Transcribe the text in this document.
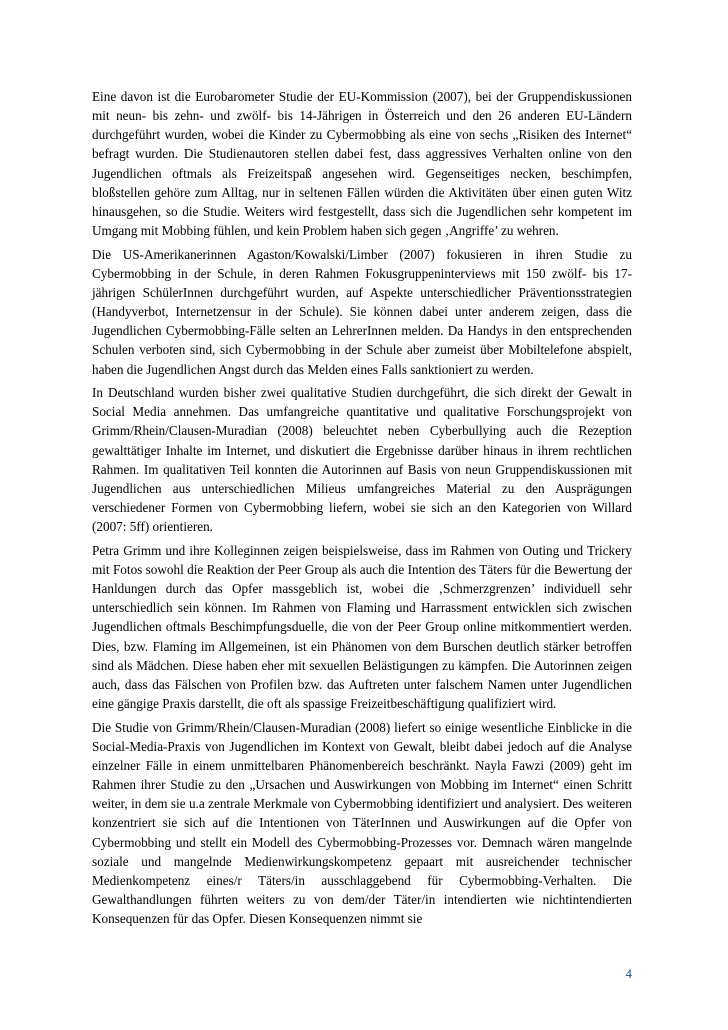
Eine davon ist die Eurobarometer Studie der EU-Kommission (2007), bei der Gruppendiskussionen mit neun- bis zehn- und zwölf- bis 14-Jährigen in Österreich und den 26 anderen EU-Ländern durchgeführt wurden, wobei die Kinder zu Cybermobbing als eine von sechs „Risiken des Internet“ befragt wurden. Die Studienautoren stellen dabei fest, dass aggressives Verhalten online von den Jugendlichen oftmals als Freizeitspaß angesehen wird. Gegenseitiges necken, beschimpfen, bloßstellen gehöre zum Alltag, nur in seltenen Fällen würden die Aktivitäten über einen guten Witz hinausgehen, so die Studie. Weiters wird festgestellt, dass sich die Jugendlichen sehr kompetent im Umgang mit Mobbing fühlen, und kein Problem haben sich gegen ‚Angriffe’ zu wehren.

Die US-Amerikanerinnen Agaston/Kowalski/Limber (2007) fokusieren in ihren Studie zu Cybermobbing in der Schule, in deren Rahmen Fokusgruppeninterviews mit 150 zwölf- bis 17-jährigen SchülerInnen durchgeführt wurden, auf Aspekte unterschiedlicher Präventionsstrategien (Handyverbot, Internetzensur in der Schule). Sie können dabei unter anderem zeigen, dass die Jugendlichen Cybermobbing-Fälle selten an LehrerInnen melden. Da Handys in den entsprechenden Schulen verboten sind, sich Cybermobbing in der Schule aber zumeist über Mobiltelefone abspielt, haben die Jugendlichen Angst durch das Melden eines Falls sanktioniert zu werden.

In Deutschland wurden bisher zwei qualitative Studien durchgeführt, die sich direkt der Gewalt in Social Media annehmen. Das umfangreiche quantitative und qualitative Forschungsprojekt von Grimm/Rhein/Clausen-Muradian (2008) beleuchtet neben Cyberbullying auch die Rezeption gewalttätiger Inhalte im Internet, und diskutiert die Ergebnisse darüber hinaus in ihrem rechtlichen Rahmen. Im qualitativen Teil konnten die Autorinnen auf Basis von neun Gruppendiskussionen mit Jugendlichen aus unterschiedlichen Milieus umfangreiches Material zu den Ausprägungen verschiedener Formen von Cybermobbing liefern, wobei sie sich an den Kategorien von Willard (2007: 5ff) orientieren.

Petra Grimm und ihre Kolleginnen zeigen beispielsweise, dass im Rahmen von Outing und Trickery mit Fotos sowohl die Reaktion der Peer Group als auch die Intention des Täters für die Bewertung der Hanldungen durch das Opfer massgeblich ist, wobei die ‚Schmerzgrenzen’ individuell sehr unterschiedlich sein können. Im Rahmen von Flaming und Harrassment entwicklen sich zwischen Jugendlichen oftmals Beschimpfungsduelle, die von der Peer Group online mitkommentiert werden. Dies, bzw. Flaming im Allgemeinen, ist ein Phänomen von dem Burschen deutlich stärker betroffen sind als Mädchen. Diese haben eher mit sexuellen Belästigungen zu kämpfen. Die Autorinnen zeigen auch, dass das Fälschen von Profilen bzw. das Auftreten unter falschem Namen unter Jugendlichen eine gängige Praxis darstellt, die oft als spassige Freizeitbeschäftigung qualifiziert wird.

Die Studie von Grimm/Rhein/Clausen-Muradian (2008) liefert so einige wesentliche Einblicke in die Social-Media-Praxis von Jugendlichen im Kontext von Gewalt, bleibt dabei jedoch auf die Analyse einzelner Fälle in einem unmittelbaren Phänomenbereich beschränkt. Nayla Fawzi (2009) geht im Rahmen ihrer Studie zu den „Ursachen und Auswirkungen von Mobbing im Internet“ einen Schritt weiter, in dem sie u.a zentrale Merkmale von Cybermobbing identifiziert und analysiert. Des weiteren konzentriert sie sich auf die Intentionen von TäterInnen und Auswirkungen auf die Opfer von Cybermobbing und stellt ein Modell des Cybermobbing-Prozesses vor. Demnach wären mangelnde soziale und mangelnde Medienwirkungskompetenz gepaart mit ausreichender technischer Medienkompetenz eines/r Täters/in ausschlaggebend für Cybermobbing-Verhalten. Die Gewalthandlungen führten weiters zu von dem/der Täter/in intendierten wie nichtintendierten Konsequenzen für das Opfer. Diesen Konsequenzen nimmt sie

4
